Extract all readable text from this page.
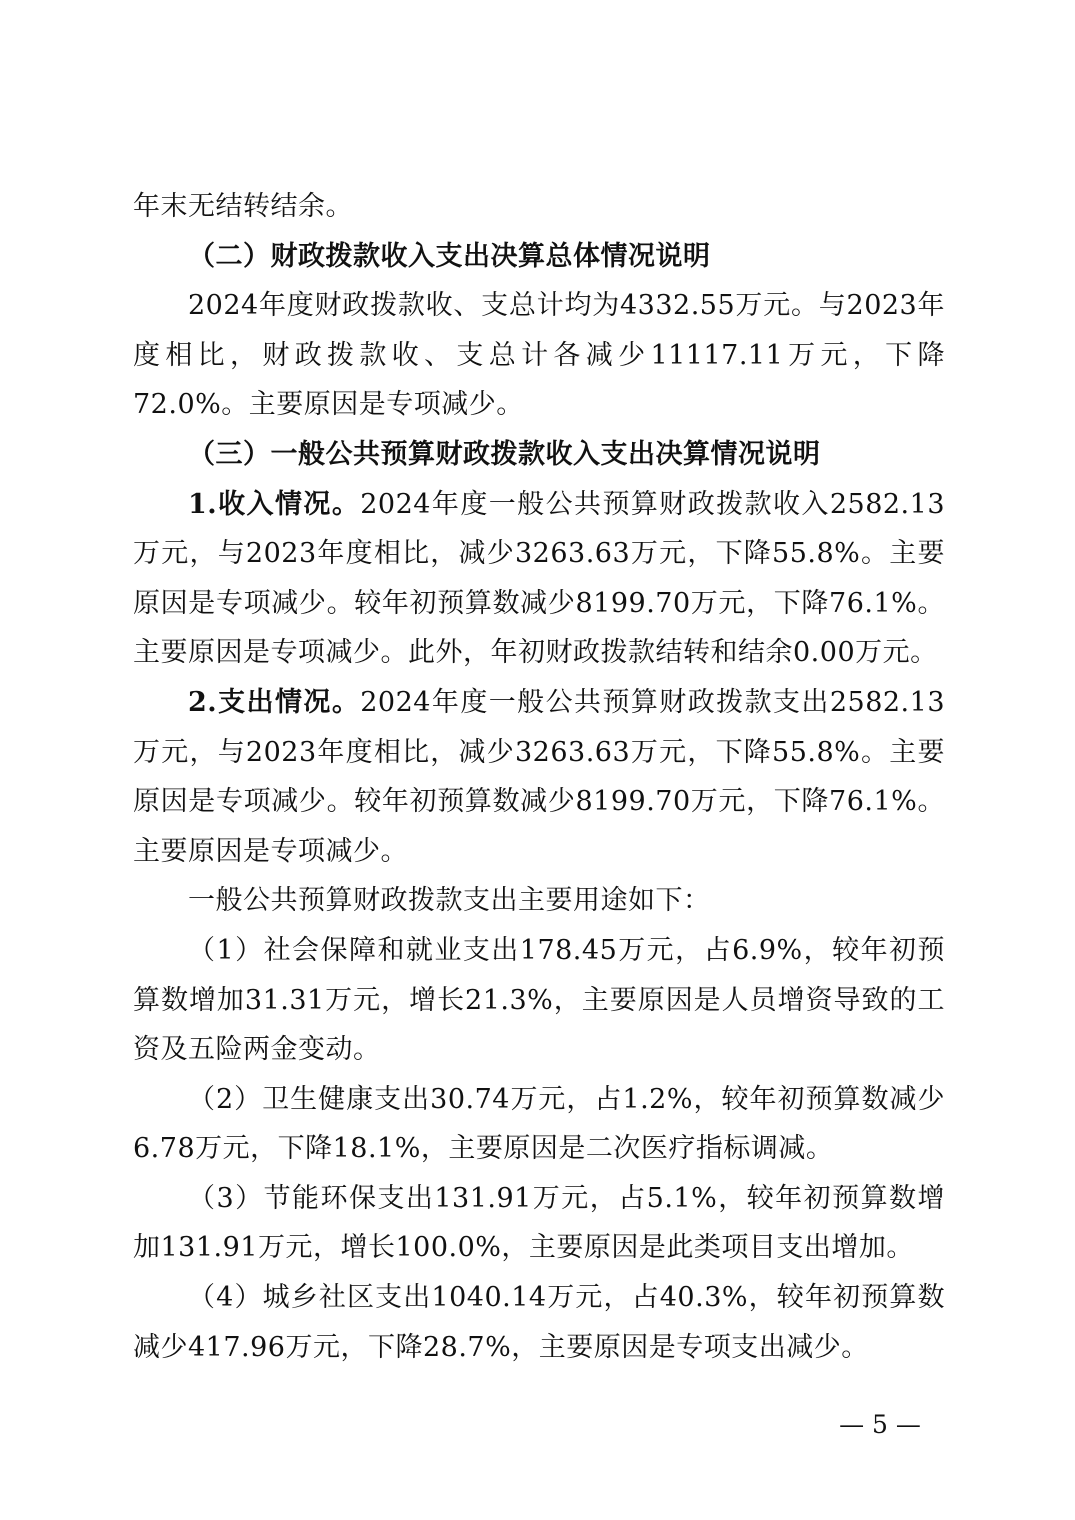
年末无结转结余。

（二）财政拨款收入支出决算总体情况说明

2024年度财政拨款收、支总计均为4332.55万元。与2023年度相比，财政拨款收、支总计各减少11117.11万元，下降72.0%。主要原因是专项减少。

（三）一般公共预算财政拨款收入支出决算情况说明

1.收入情况。2024年度一般公共预算财政拨款收入2582.13万元，与2023年度相比，减少3263.63万元，下降55.8%。主要原因是专项减少。较年初预算数减少8199.70万元，下降76.1%。主要原因是专项减少。此外，年初财政拨款结转和结余0.00万元。

2.支出情况。2024年度一般公共预算财政拨款支出2582.13万元，与2023年度相比，减少3263.63万元，下降55.8%。主要原因是专项减少。较年初预算数减少8199.70万元，下降76.1%。主要原因是专项减少。

一般公共预算财政拨款支出主要用途如下：

（1）社会保障和就业支出178.45万元，占6.9%，较年初预算数增加31.31万元，增长21.3%，主要原因是人员增资导致的工资及五险两金变动。

（2）卫生健康支出30.74万元，占1.2%，较年初预算数减少6.78万元，下降18.1%，主要原因是二次医疗指标调减。

（3）节能环保支出131.91万元，占5.1%，较年初预算数增加131.91万元，增长100.0%，主要原因是此类项目支出增加。

（4）城乡社区支出1040.14万元，占40.3%，较年初预算数减少417.96万元，下降28.7%，主要原因是专项支出减少。

— 5 —
